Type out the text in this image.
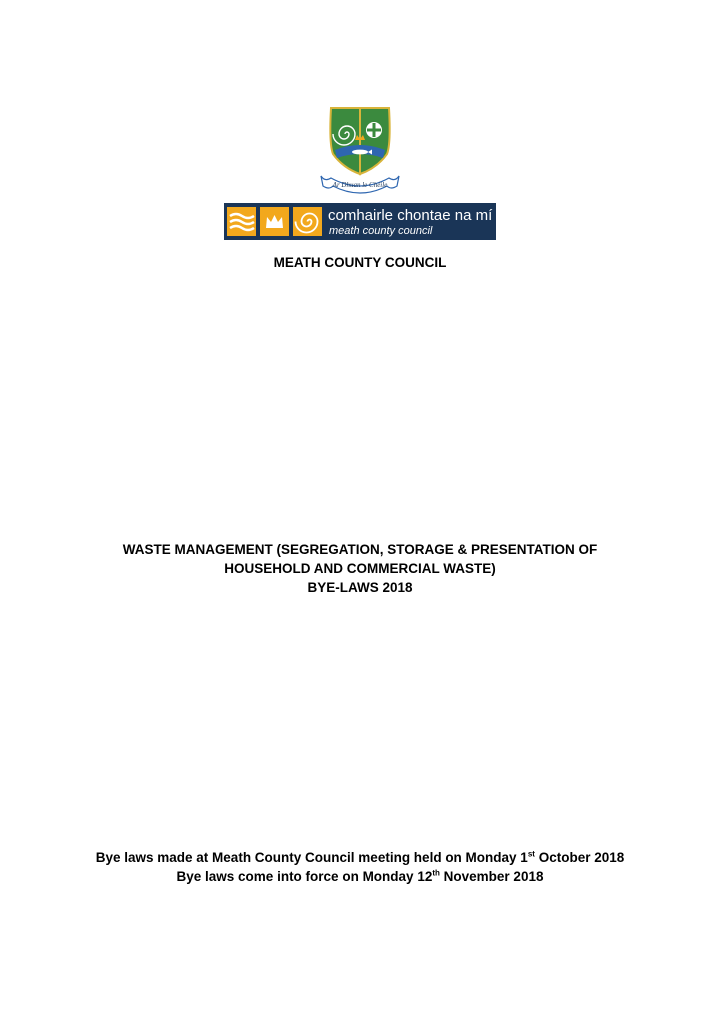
Ar Dhuan le Chéile
comhairle chontae na mí
meath county council

MEATH COUNTY COUNCIL

WASTE MANAGEMENT (SEGREGATION, STORAGE & PRESENTATION OF
HOUSEHOLD AND COMMERCIAL WASTE)
BYE-LAWS 2018

Bye laws made at Meath County Council meeting held on Monday 1st October 2018
Bye laws come into force on Monday 12th November 2018
